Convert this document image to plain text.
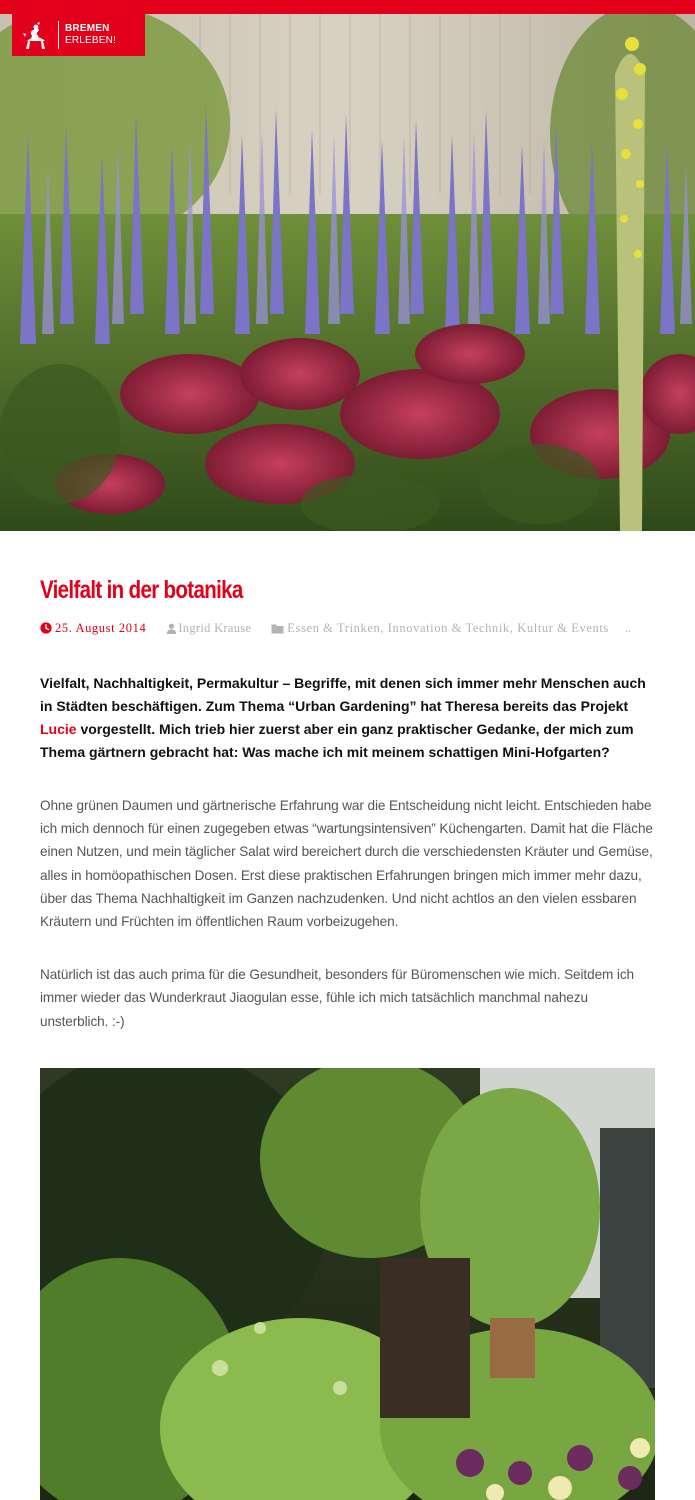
BREMEN
ERLEBEN!
Vielfalt in der botanika
25. August 2014	Ingrid Krause	Essen & Trinken, Innovation & Technik, Kultur & Events ..

Vielfalt, Nachhaltigkeit, Permakultur – Begriffe, mit denen sich immer mehr Menschen auch in Städten beschäftigen. Zum Thema “Urban Gardening” hat Theresa bereits das Projekt Lucie vorgestellt. Mich trieb hier zuerst aber ein ganz praktischer Gedanke, der mich zum Thema gärtnern gebracht hat: Was mache ich mit meinem schattigen Mini-Hofgarten?

Ohne grünen Daumen und gärtnerische Erfahrung war die Entscheidung nicht leicht. Entschieden habe ich mich dennoch für einen zugegeben etwas “wartungsintensiven” Küchengarten. Damit hat die Fläche einen Nutzen, und mein täglicher Salat wird bereichert durch die verschiedensten Kräuter und Gemüse, alles in homöopathischen Dosen. Erst diese praktischen Erfahrungen bringen mich immer mehr dazu, über das Thema Nachhaltigkeit im Ganzen nachzudenken. Und nicht achtlos an den vielen essbaren Kräutern und Früchten im öffentlichen Raum vorbeizugehen.

Natürlich ist das auch prima für die Gesundheit, besonders für Büromenschen wie mich. Seitdem ich immer wieder das Wunderkraut Jiaogulan esse, fühle ich mich tatsächlich manchmal nahezu unsterblich. :-)
